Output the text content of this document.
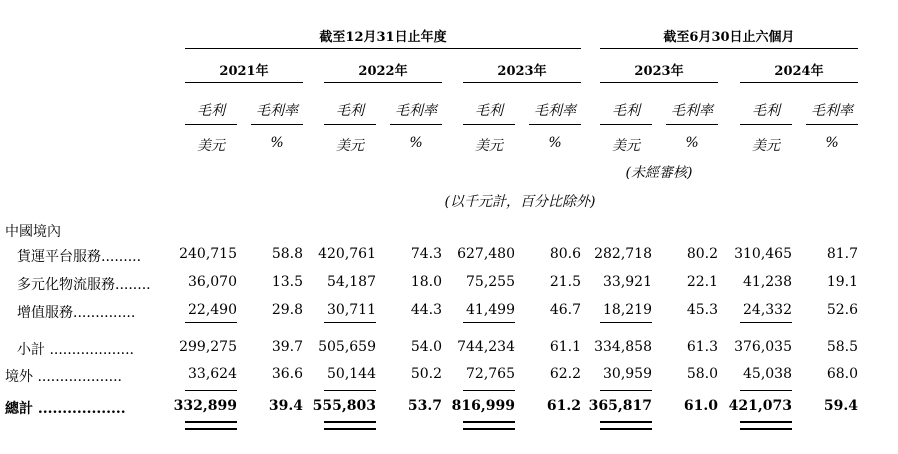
截至12月31日止年度	截至6月30日止六個月
2021年	2022年	2023年	2023年	2024年
毛利	毛利率	毛利	毛利率	毛利	毛利率	毛利	毛利率	毛利	毛利率
美元	%	美元	%	美元	%	美元	%	美元	%
(未經審核)
(以千元計，百分比除外)
中國境內
貨運平台服務.........	240,715	58.8	420,761	74.3	627,480	80.6 282,718	80.2	310,465	81.7
多元化物流服務........	36,070	13.5	54,187	18.0	75,255	21.5	33,921	22.1	41,238	19.1
增值服務..............	22,490	29.8	30,711	44.3	41,499	46.7	18,219	45.3	24,332	52.6
小計 ...................	299,275	39.7	505,659	54.0	744,234	61.1 334,858	61.3	376,035	58.5
境外 ...................	33,624	36.6	50,144	50.2	72,765	62.2	30,959	58.0	45,038	68.0
總計 ..................	332,899	39.4 555,803	53.7 816,999	61.2 365,817	61.0 421,073	59.4
